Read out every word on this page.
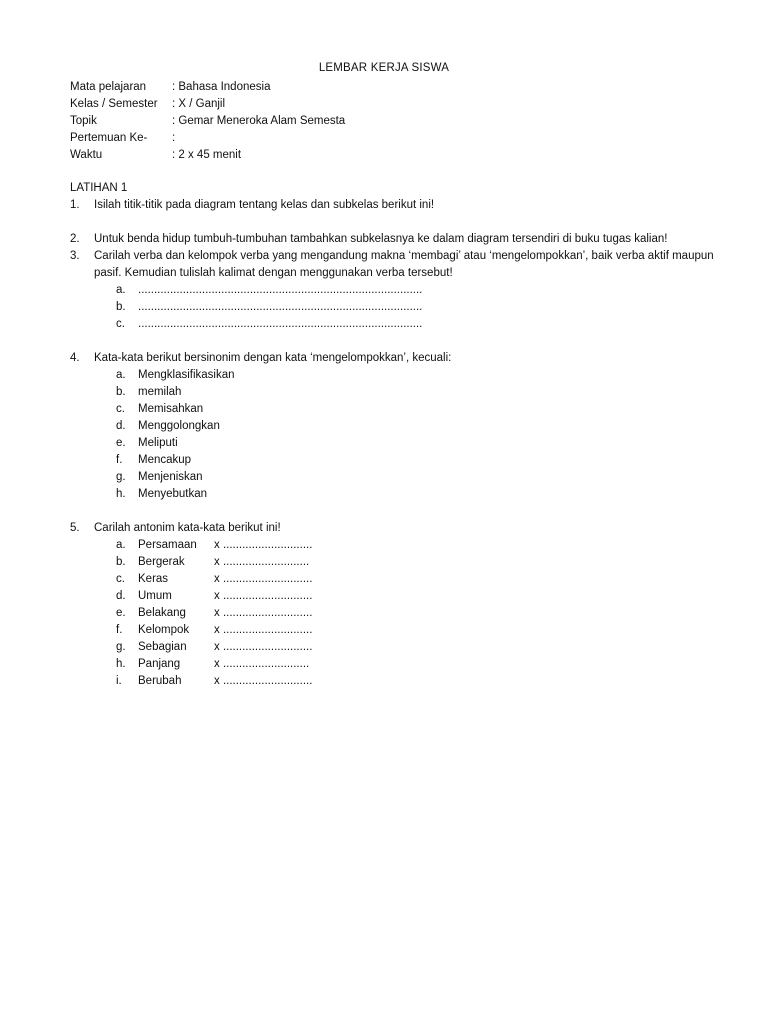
LEMBAR KERJA SISWA
Mata pelajaran : Bahasa Indonesia
Kelas / Semester : X / Ganjil
Topik	: Gemar Meneroka Alam Semesta
Pertemuan Ke- :
Waktu	: 2 x 45 menit
LATIHAN 1
1. Isilah titik-titik pada diagram tentang kelas dan subkelas berikut ini!
2. Untuk benda hidup tumbuh-tumbuhan tambahkan subkelasnya ke dalam diagram tersendiri di buku tugas kalian!
3. Carilah verba dan kelompok verba yang mengandung makna ‘membagi’ atau ‘mengelompokkan’, baik verba aktif maupun pasif. Kemudian tulislah kalimat dengan menggunakan verba tersebut!
a. .........................................................................................
b. .........................................................................................
c. .........................................................................................
4. Kata-kata berikut bersinonim dengan kata ‘mengelompokkan’, kecuali:
a. Mengklasifikasikan
b. memilah
c. Memisahkan
d. Menggolongkan
e. Meliputi
f. Mencakup
g. Menjeniskan
h. Menyebutkan
5. Carilah antonim kata-kata berikut ini!
a. Persamaan x ............................
b. Bergerak	x ...........................
c. Keras	x ............................
d. Umum	x ............................
e. Belakang x ............................
f. Kelompok x ............................
g. Sebagian x ............................
h. Panjang	x ...........................
i. Berubah	x ............................
